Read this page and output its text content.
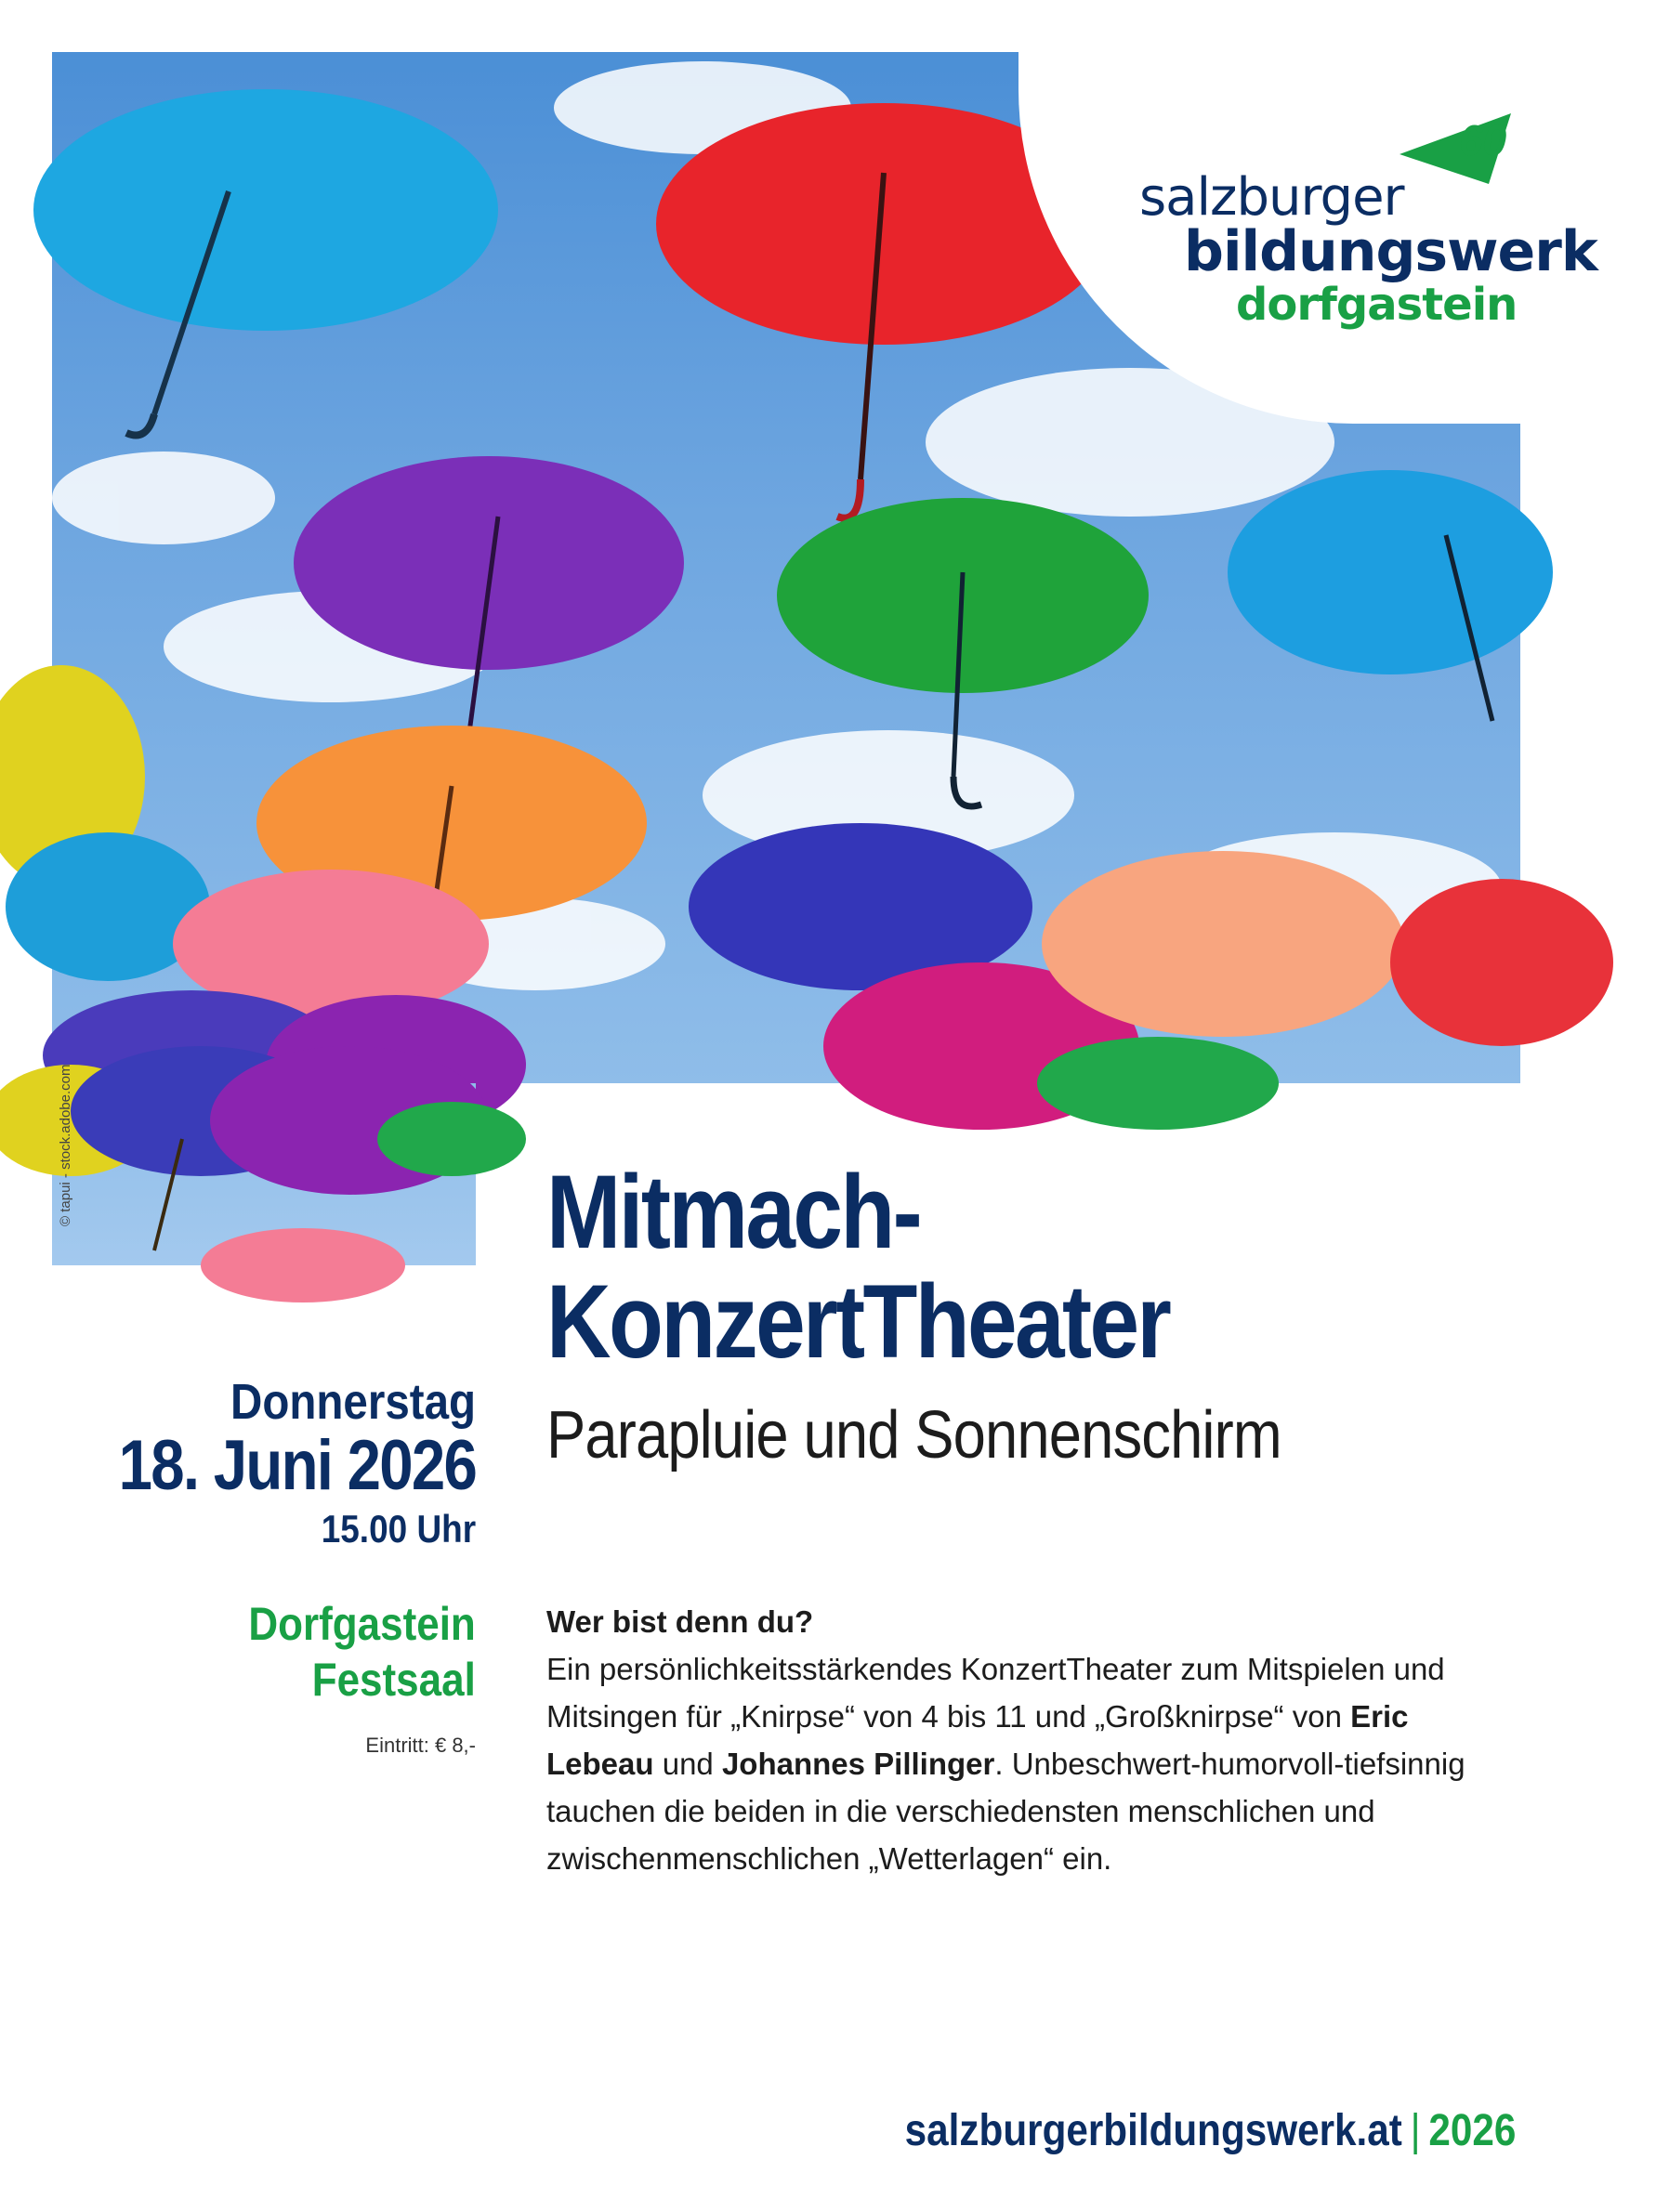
60
salzburger
bildungswerk
dorfgastein
© tapui - stock.adobe.com	Mitmach-
KonzertTheater
Parapluie und Sonnenschirm
Donnerstag
18. Juni 2026
15.00 Uhr
Dorfgastein
Festsaal
Eintritt: € 8,-
Wer bist denn du?
Ein persönlichkeitsstärkendes KonzertTheater zum Mitspielen und Mitsingen für „Knirpse“ von 4 bis 11 und „Großknirpse“ von Eric Lebeau und Johannes Pillinger. Unbeschwert-humorvoll-tiefsinnig tauchen die beiden in die verschiedensten menschlichen und zwischenmenschlichen „Wetterlagen“ ein.
salzburgerbildungswerk.at | 2026
